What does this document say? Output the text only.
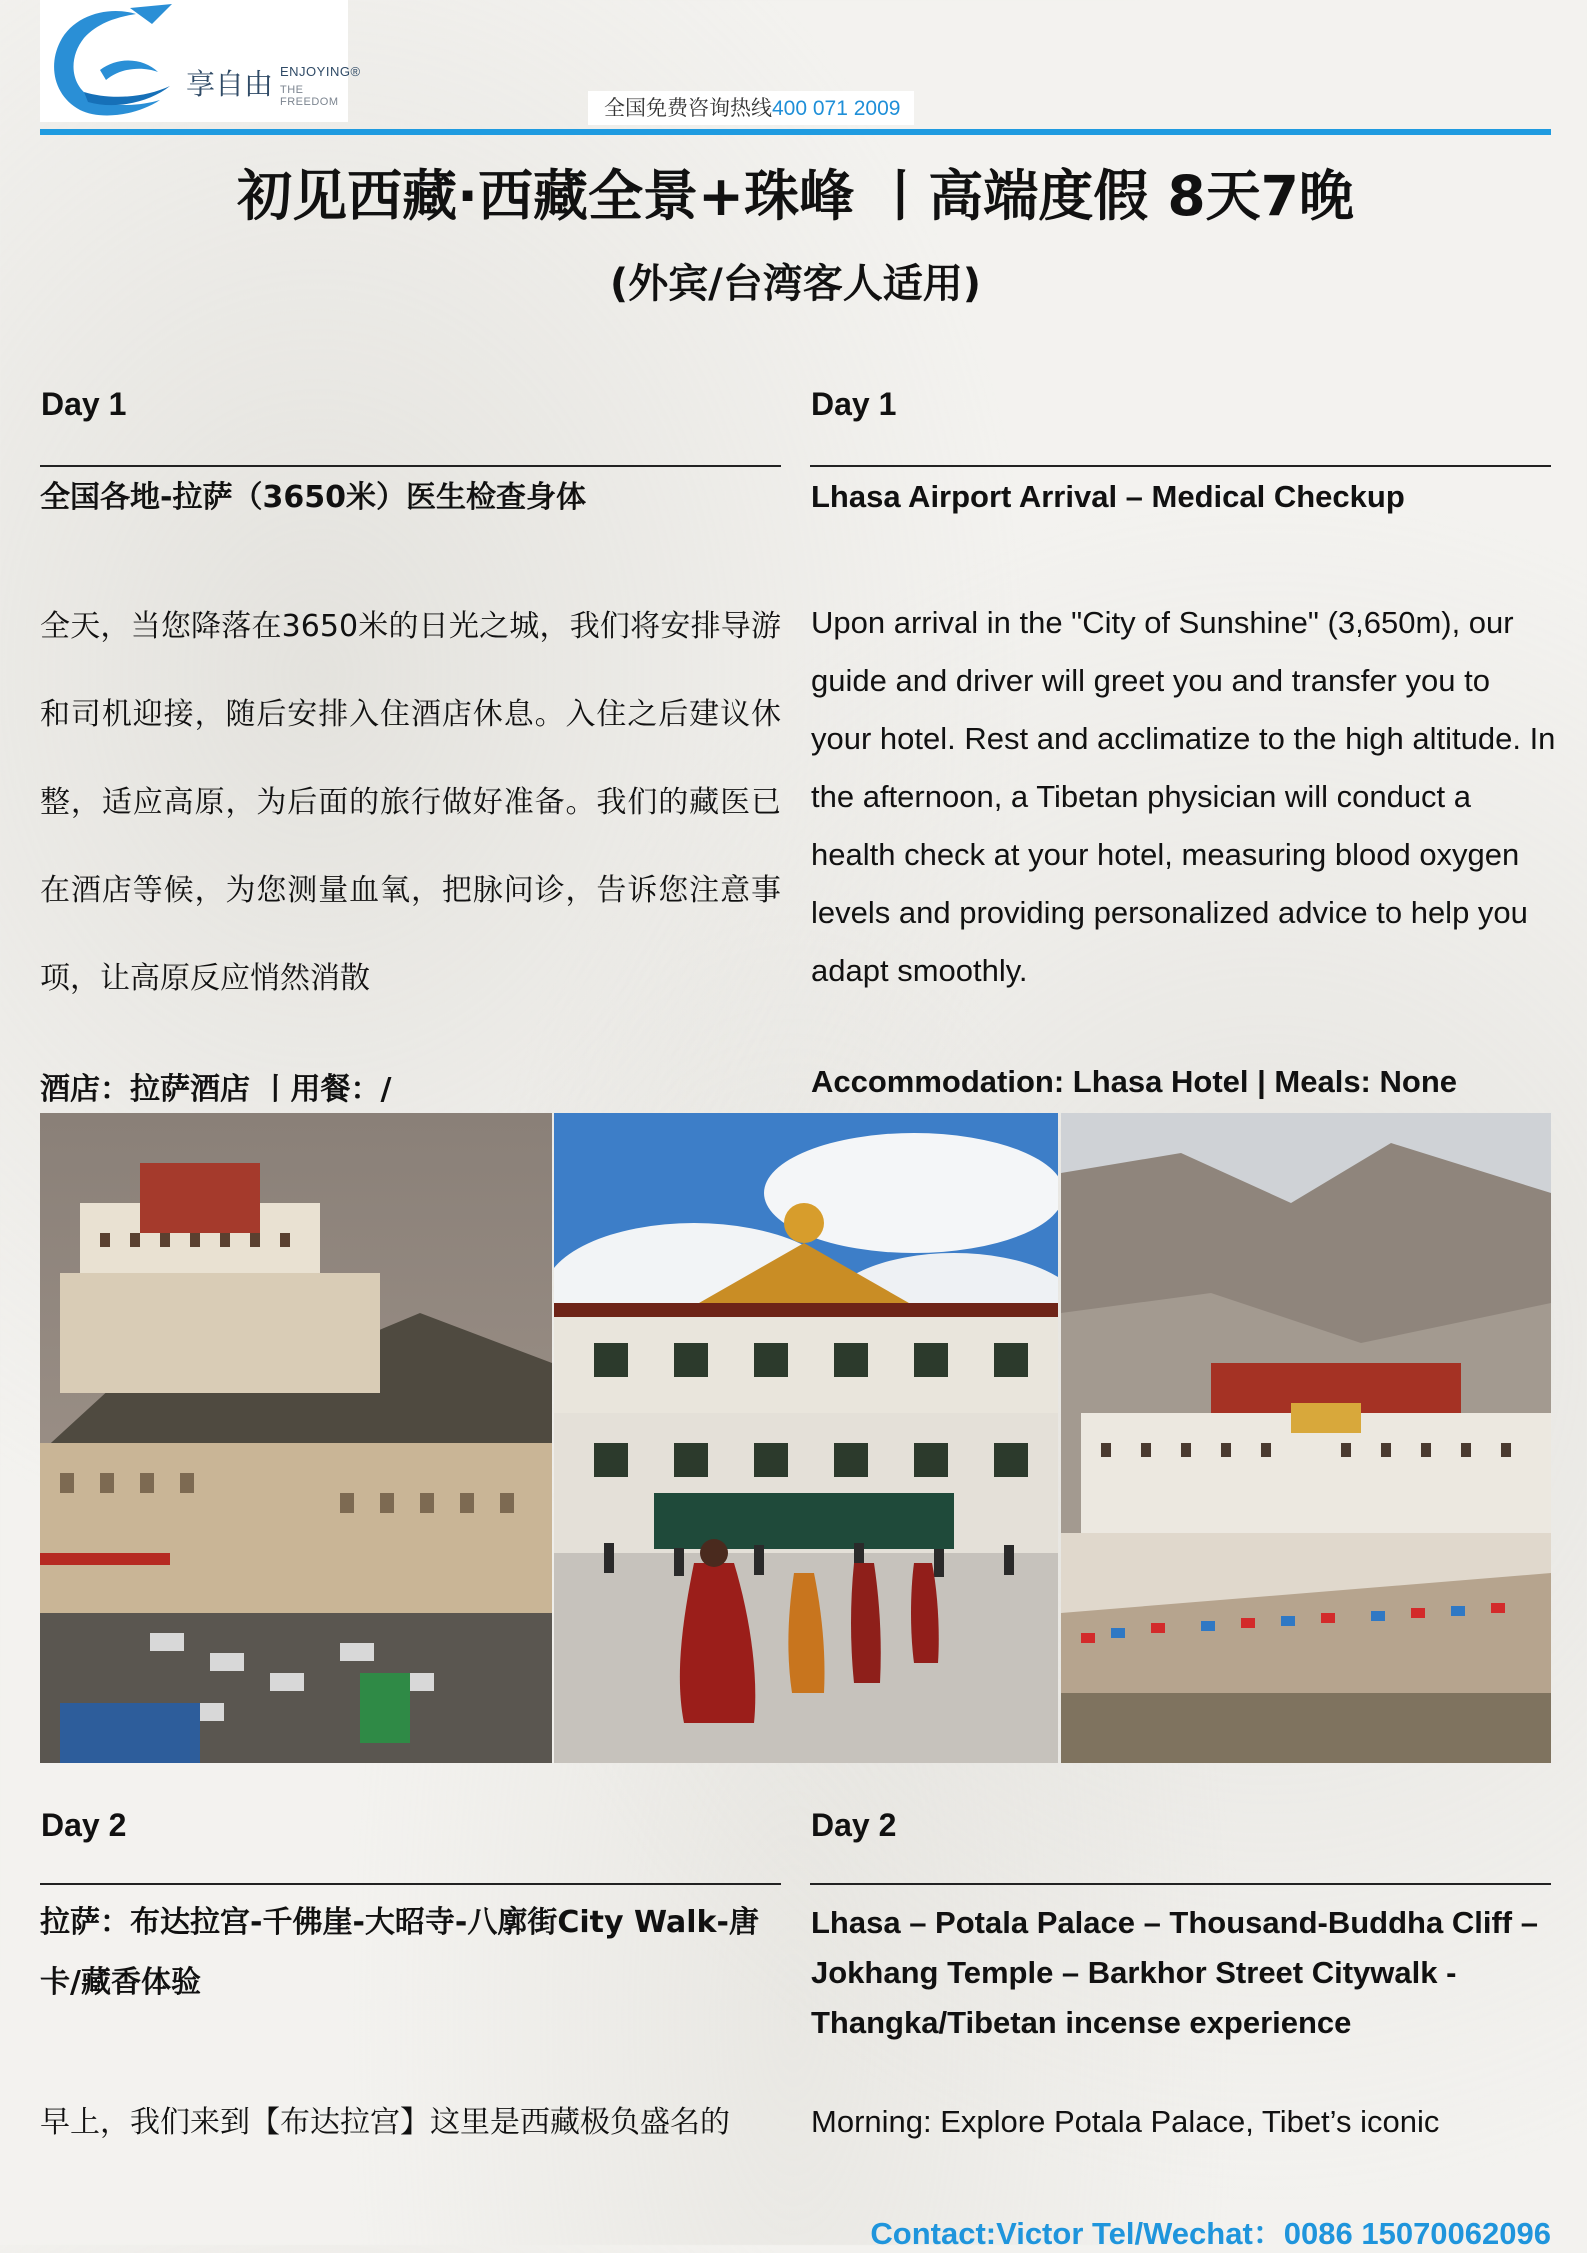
享自由 ENJOYING®
THE FREEDOM	全国免费咨询热线400 071 2009
初见西藏·西藏全景+珠峰 丨高端度假 8天7晚
(外宾/台湾客人适用)
Day 1
全国各地-拉萨（3650米）医生检查身体
全天，当您降落在3650米的日光之城，我们将安排导游和司机迎接，随后安排入住酒店休息。入住之后建议休整，适应高原，为后面的旅行做好准备。我们的藏医已在酒店等候，为您测量血氧，把脉问诊，告诉您注意事项，让高原反应悄然消散
酒店：拉萨酒店 丨用餐：/
Day 1
Lhasa Airport Arrival – Medical Checkup
Upon arrival in the "City of Sunshine" (3,650m), our guide and driver will greet you and transfer you to your hotel. Rest and acclimatize to the high altitude. In the afternoon, a Tibetan physician will conduct a health check at your hotel, measuring blood oxygen levels and providing personalized advice to help you adapt smoothly.
Accommodation: Lhasa Hotel | Meals: None
Day 2
拉萨：布达拉宫-千佛崖-大昭寺-八廓街City Walk-唐卡/藏香体验
早上，我们来到【布达拉宫】这里是西藏极负盛名的
Day 2
Lhasa – Potala Palace – Thousand-Buddha Cliff – Jokhang Temple – Barkhor Street Citywalk - Thangka/Tibetan incense experience
Morning: Explore Potala Palace, Tibet’s iconic
Contact:Victor Tel/Wechat：0086 15070062096
